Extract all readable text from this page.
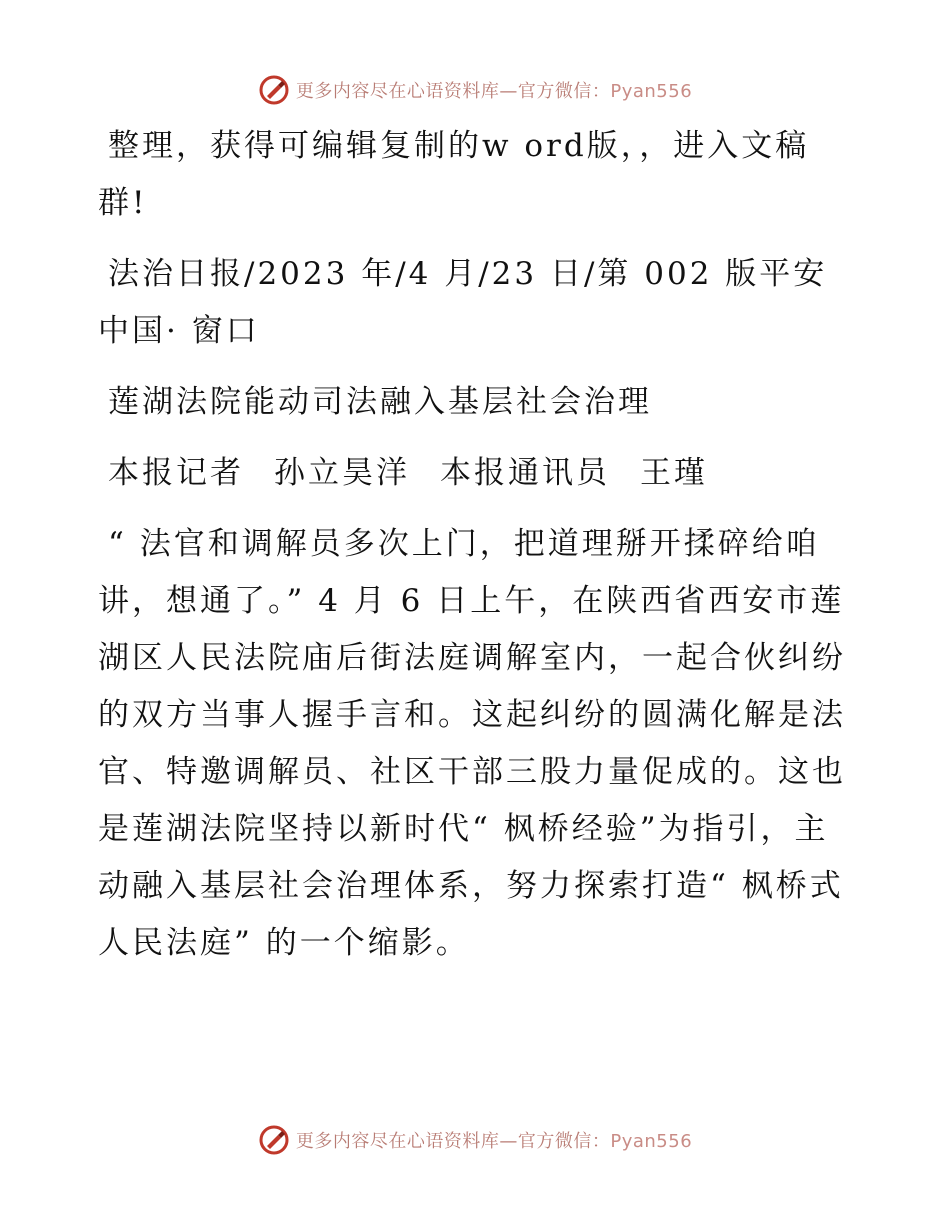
更多内容尽在心语资料库—官方微信：Pyan556

整理，获得可编辑复制的w ord版，，进入文稿群!

法治日报/2023 年/4 月/23 日/第 002 版平安中国· 窗口

莲湖法院能动司法融入基层社会治理

本报记者 孙立昊洋 本报通讯员 王瑾

“ 法官和调解员多次上门，把道理掰开揉碎给咱讲，想通了。” 4 月 6 日上午，在陕西省西安市莲湖区人民法院庙后街法庭调解室内，一起合伙纠纷的双方当事人握手言和。这起纠纷的圆满化解是法官、特邀调解员、社区干部三股力量促成的。这也是莲湖法院坚持以新时代“ 枫桥经验”为指引，主动融入基层社会治理体系，努力探索打造“ 枫桥式人民法庭” 的一个缩影。

更多内容尽在心语资料库—官方微信：Pyan556
